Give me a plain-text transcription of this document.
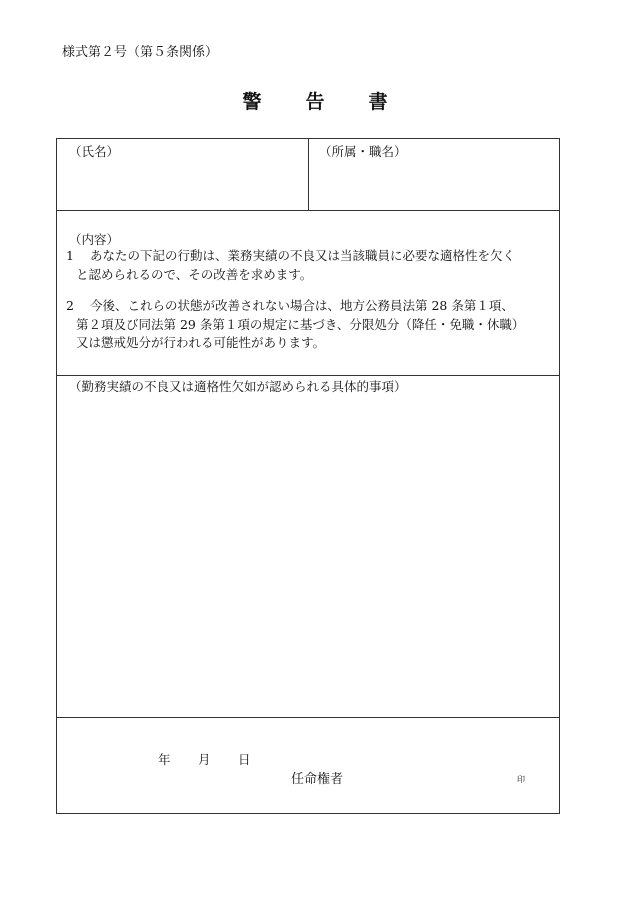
様式第２号（第５条関係）
警告書
（氏名）	（所属・職名）
（内容）
1	あなたの下記の行動は、業務実績の不良又は当該職員に必要な適格性を欠く
と認められるので、その改善を求めます。
2	今後、これらの状態が改善されない場合は、地方公務員法第 28 条第１項、
第２項及び同法第 29 条第１項の規定に基づき、分限処分（降任・免職・休職）
又は懲戒処分が行われる可能性があります。
（勤務実績の不良又は適格性欠如が認められる具体的事項）
年 月 日
任命権者	印
